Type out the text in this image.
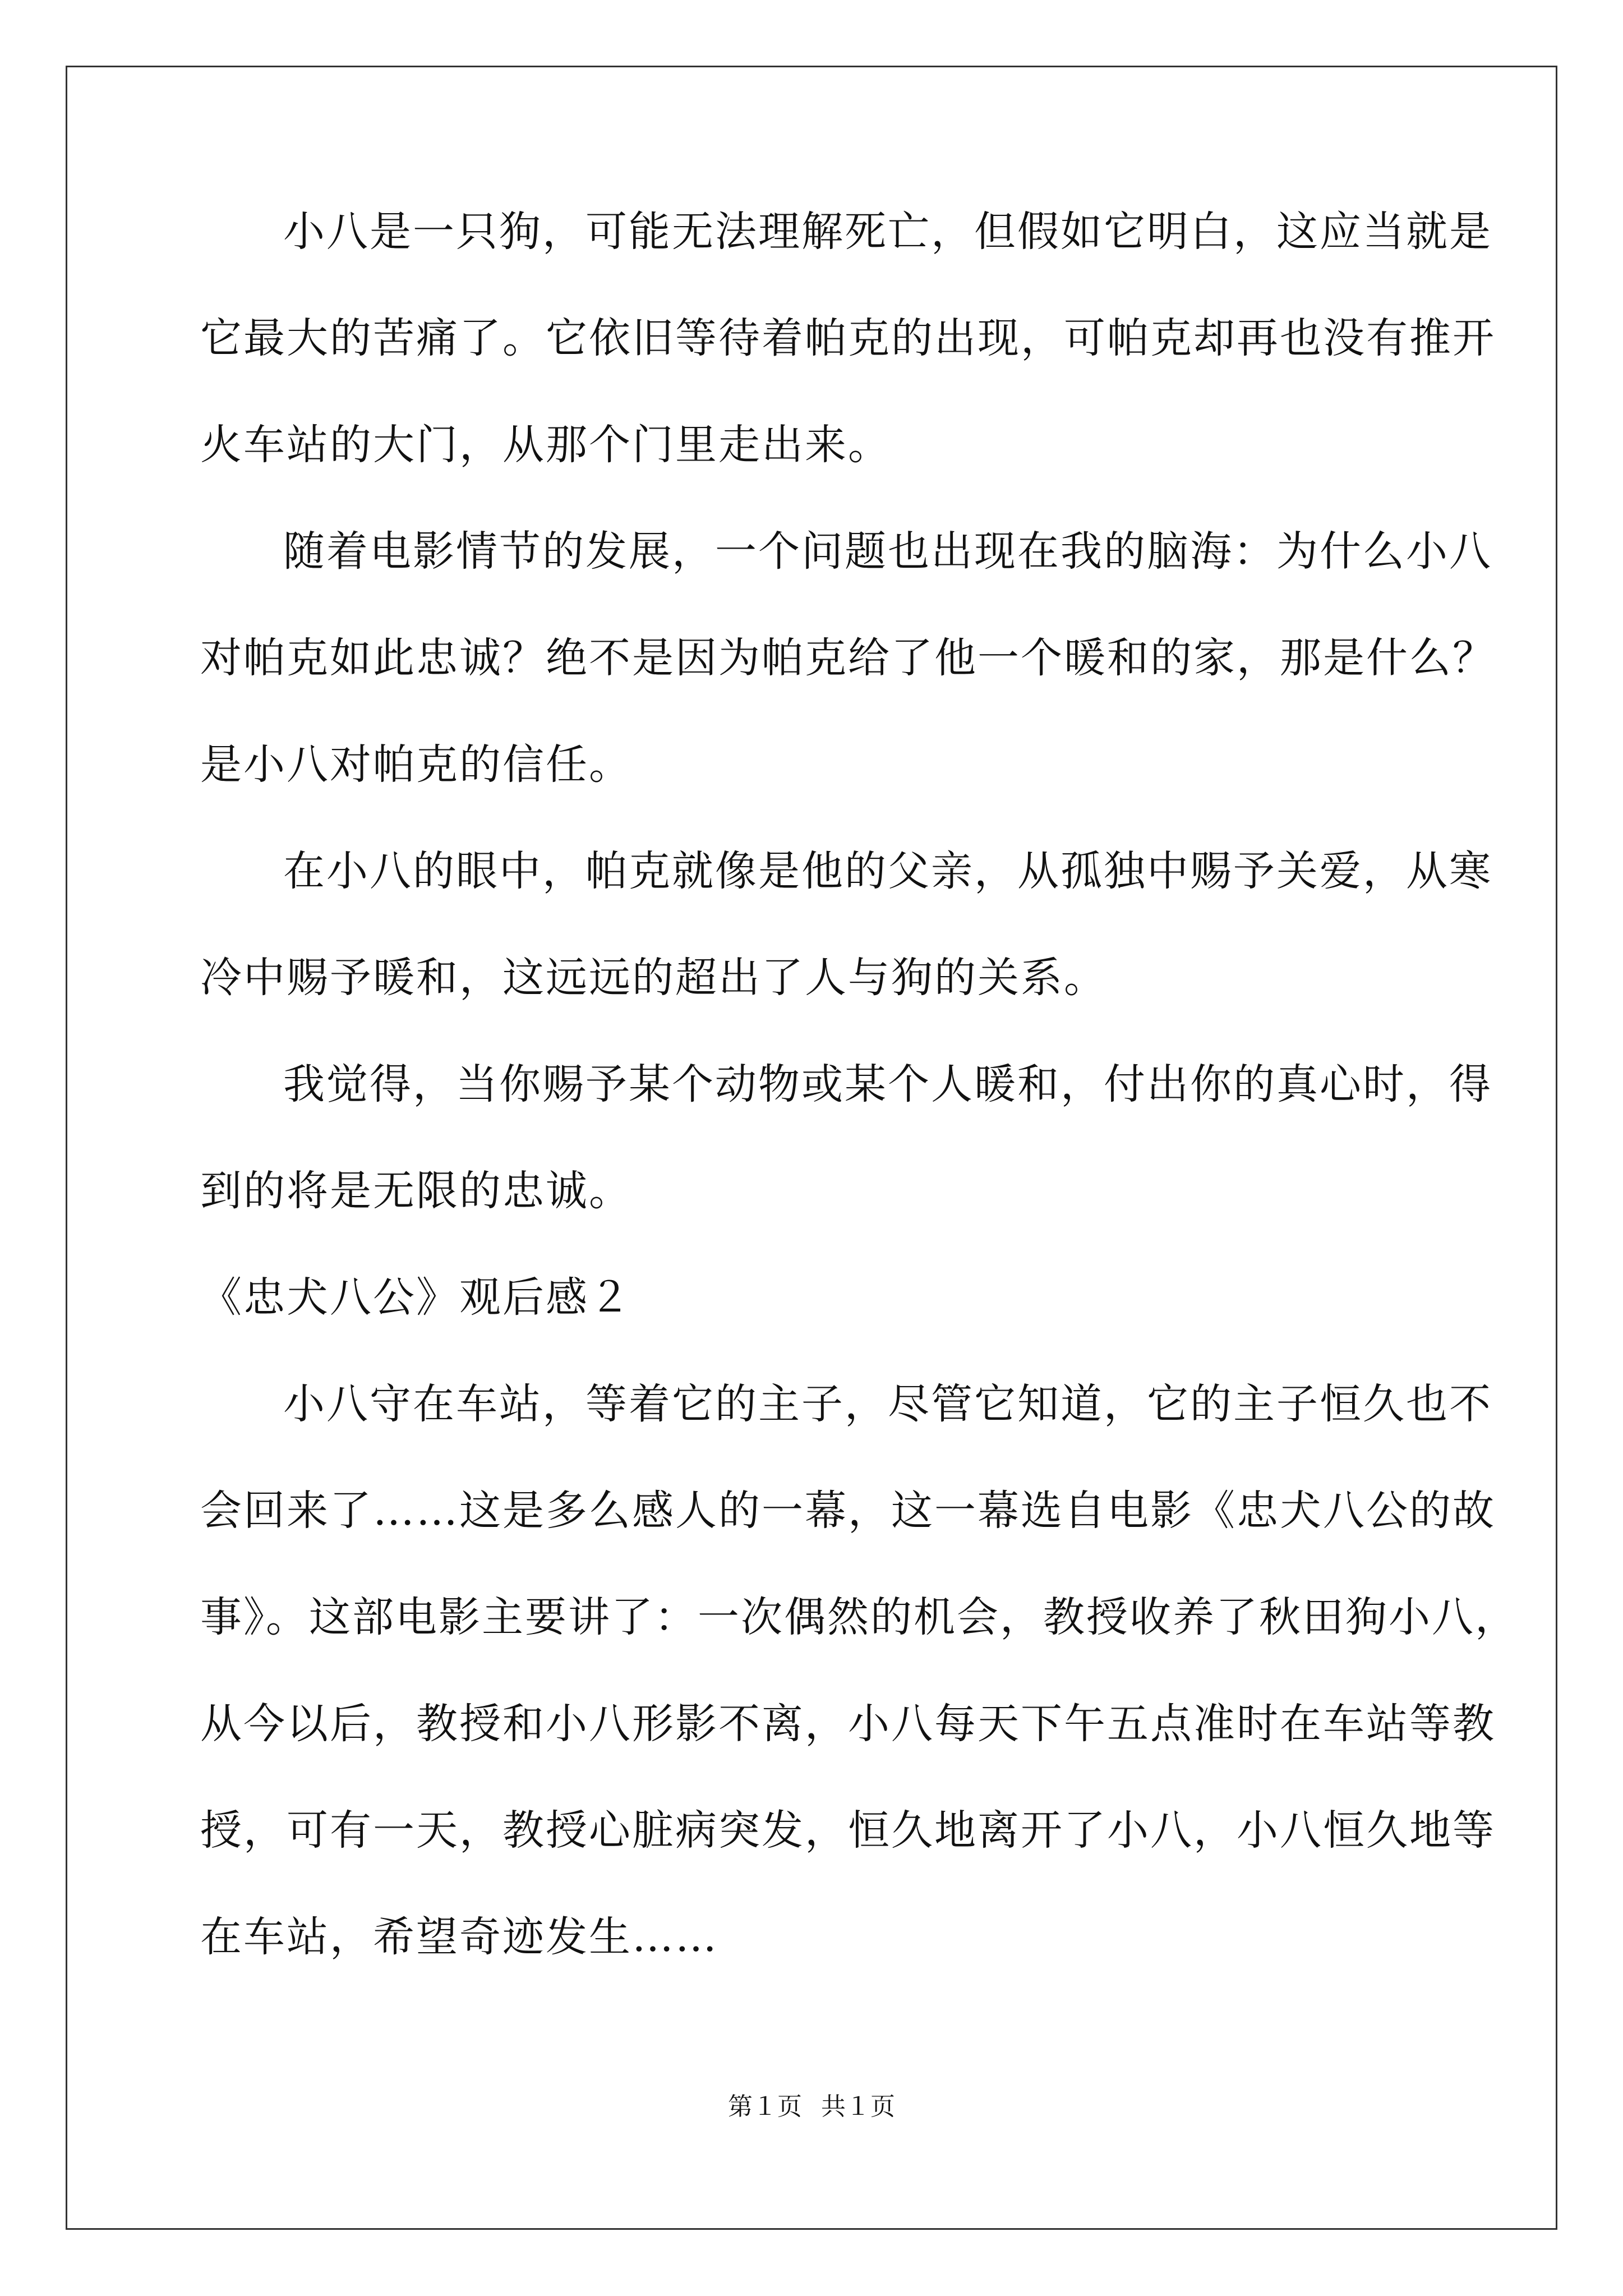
小八是一只狗，可能无法理解死亡，但假如它明白，这应当就是
它最大的苦痛了。它依旧等待着帕克的出现，可帕克却再也没有推开
火车站的大门，从那个门里走出来。
随着电影情节的发展，一个问题也出现在我的脑海：为什么小八
对帕克如此忠诚？绝不是因为帕克给了他一个暖和的家，那是什么？
是小八对帕克的信任。
在小八的眼中，帕克就像是他的父亲，从孤独中赐予关爱，从寒
冷中赐予暖和，这远远的超出了人与狗的关系。
我觉得，当你赐予某个动物或某个人暖和，付出你的真心时，得
到的将是无限的忠诚。
《忠犬八公》观后感２
小八守在车站，等着它的主子，尽管它知道，它的主子恒久也不
会回来了……这是多么感人的一幕，这一幕选自电影《忠犬八公的故
事》。这部电影主要讲了：一次偶然的机会，教授收养了秋田狗小八，
从今以后，教授和小八形影不离，小八每天下午五点准时在车站等教
授，可有一天，教授心脏病突发，恒久地离开了小八，小八恒久地等
在车站，希望奇迹发生……
第１页 共１页
